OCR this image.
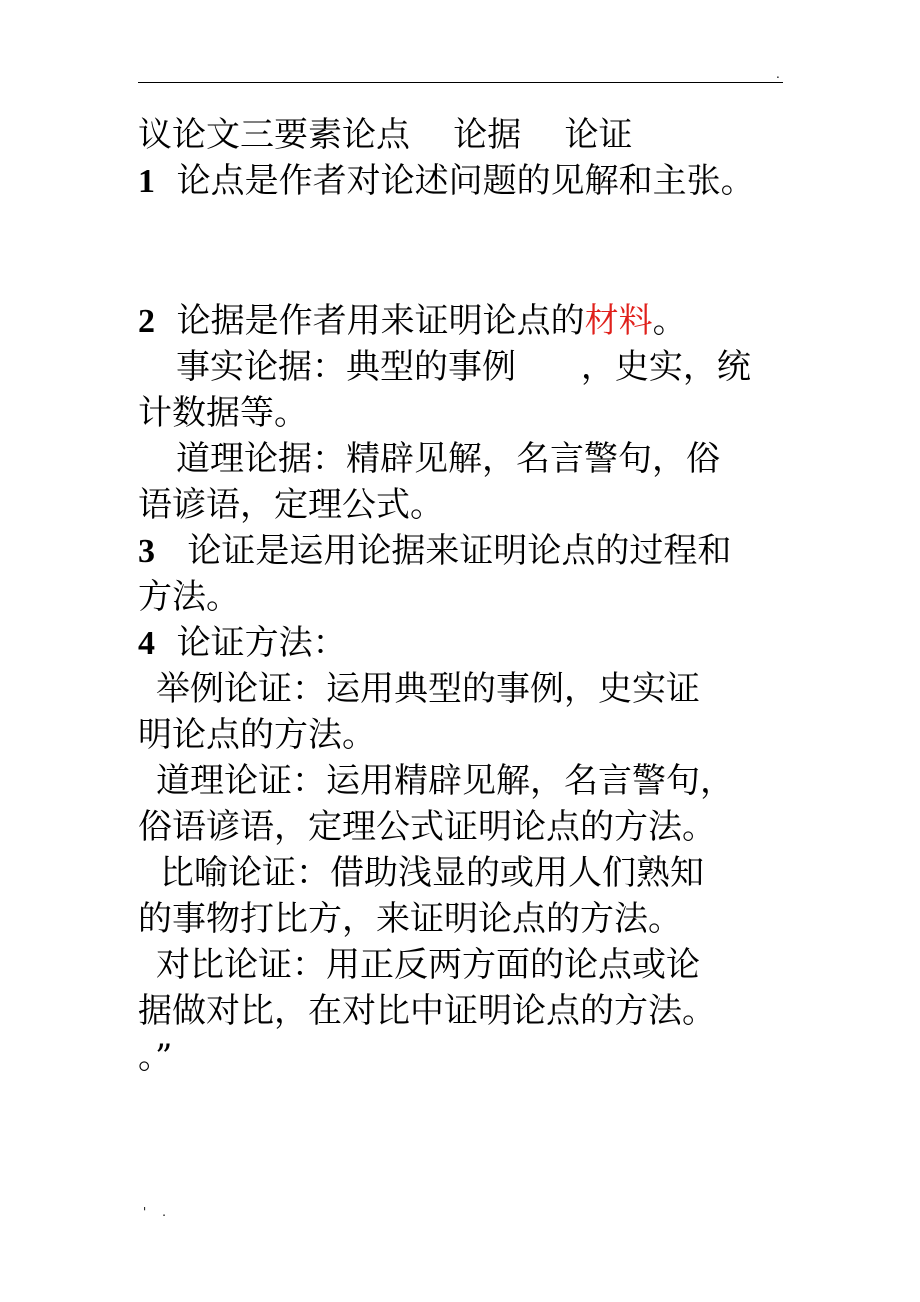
.
议论文三要素论点    论据    论证
1  论点是作者对论述问题的见解和主张。
2  论据是作者用来证明论点的材料。
事实论据：典型的事例      ，史实，统
计数据等。
道理论据：精辟见解，名言警句，俗
语谚语，定理公式。
3   论证是运用论据来证明论点的过程和
方法。
4  论证方法：
举例论证：运用典型的事例，史实证
明论点的方法。
道理论证：运用精辟见解，名言警句，
俗语谚语，定理公式证明论点的方法。
比喻论证：借助浅显的或用人们熟知
的事物打比方，来证明论点的方法。
对比论证：用正反两方面的论点或论
据做对比，在对比中证明论点的方法。
。”
' .
